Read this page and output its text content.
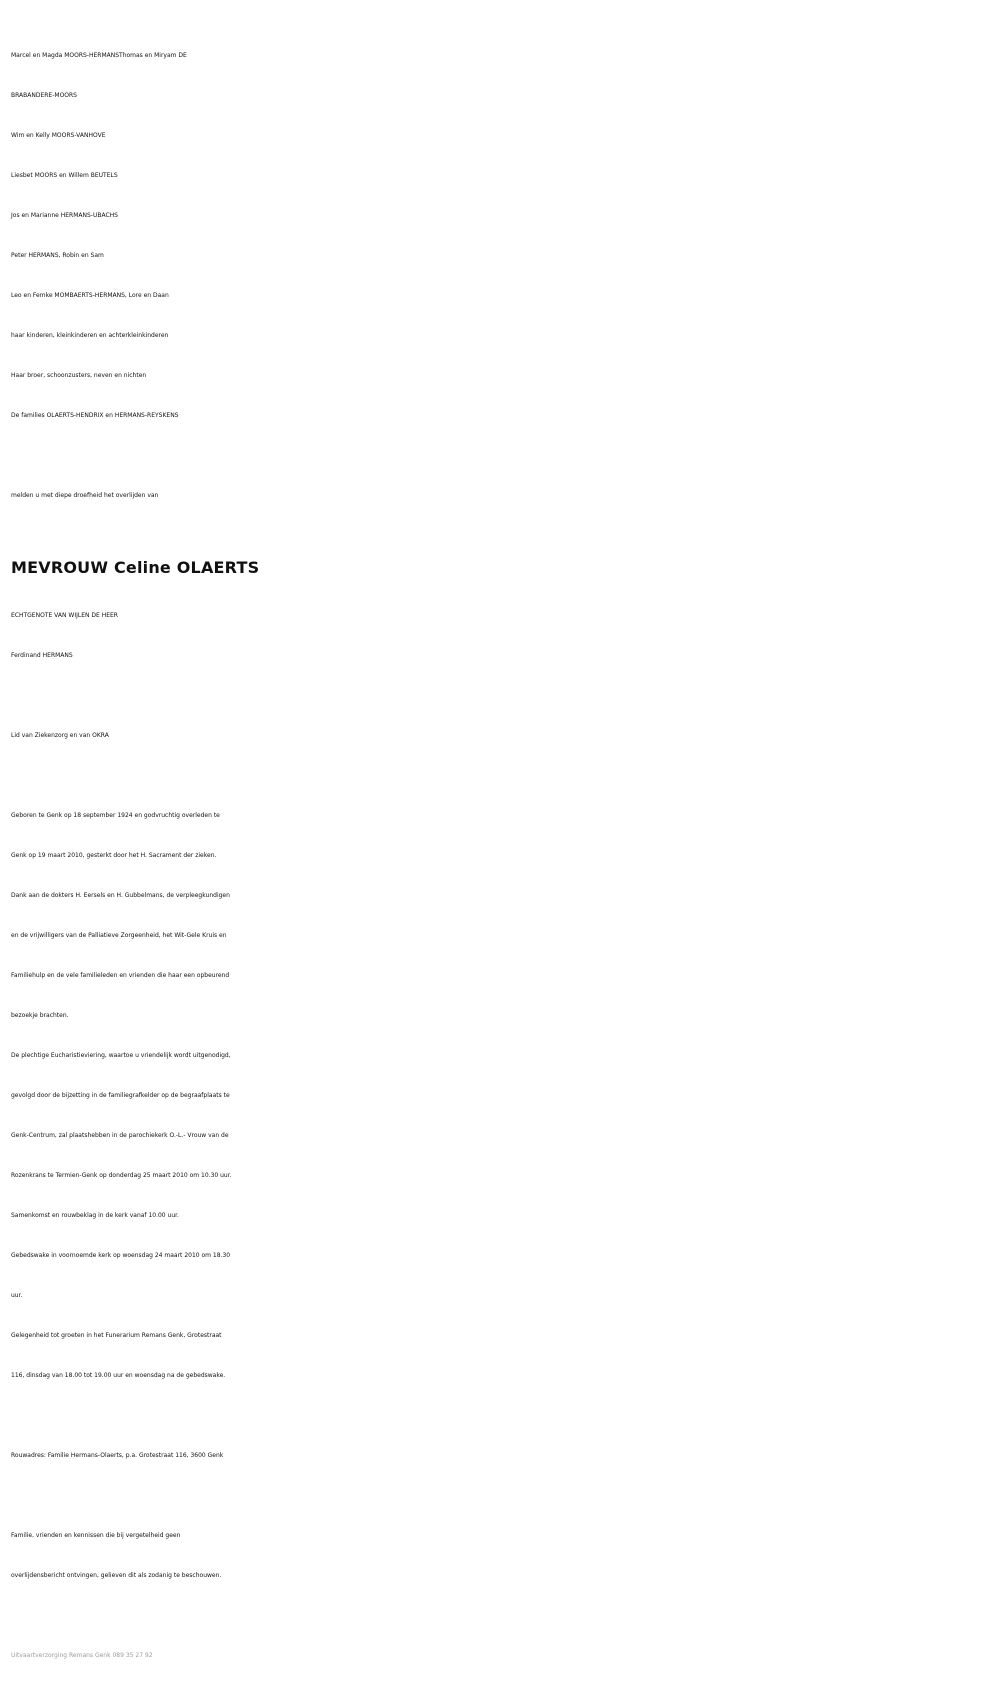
Marcel en Magda MOORS-HERMANSThomas en Miryam DE

BRABANDERE-MOORS

Wim en Kelly MOORS-VANHOVE

Liesbet MOORS en Willem BEUTELS

Jos en Marianne HERMANS-UBACHS

Peter HERMANS, Robin en Sam

Leo en Femke MOMBAERTS-HERMANS, Lore en Daan

haar kinderen, kleinkinderen en achterkleinkinderen

Haar broer, schoonzusters, neven en nichten

De families OLAERTS-HENDRIX en HERMANS-REYSKENS

melden u met diepe droefheid het overlijden van

MEVROUW Celine OLAERTS

ECHTGENOTE VAN WIJLEN DE HEER

Ferdinand HERMANS

Lid van Ziekenzorg en van OKRA

Geboren te Genk op 18 september 1924 en godvruchtig overleden te

Genk op 19 maart 2010, gesterkt door het H. Sacrament der zieken.

Dank aan de dokters H. Eersels en H. Gubbelmans, de verpleegkundigen

en de vrijwilligers van de Palliatieve Zorgeenheid, het Wit-Gele Kruis en

Familiehulp en de vele familieleden en vrienden die haar een opbeurend

bezoekje brachten.

De plechtige Eucharistieviering, waartoe u vriendelijk wordt uitgenodigd,

gevolgd door de bijzetting in de familiegrafkelder op de begraafplaats te

Genk-Centrum, zal plaatshebben in de parochiekerk O.-L.- Vrouw van de

Rozenkrans te Termien-Genk op donderdag 25 maart 2010 om 10.30 uur.

Samenkomst en rouwbeklag in de kerk vanaf 10.00 uur.

Gebedswake in voornoemde kerk op woensdag 24 maart 2010 om 18.30

uur.

Gelegenheid tot groeten in het Funerarium Remans Genk, Grotestraat

116, dinsdag van 18.00 tot 19.00 uur en woensdag na de gebedswake.

Rouwadres: Familie Hermans-Olaerts, p.a. Grotestraat 116, 3600 Genk

Familie, vrienden en kennissen die bij vergetelheid geen

overlijdensbericht ontvingen, gelieven dit als zodanig te beschouwen.

Uitvaartverzorging Remans Genk 089 35 27 92
